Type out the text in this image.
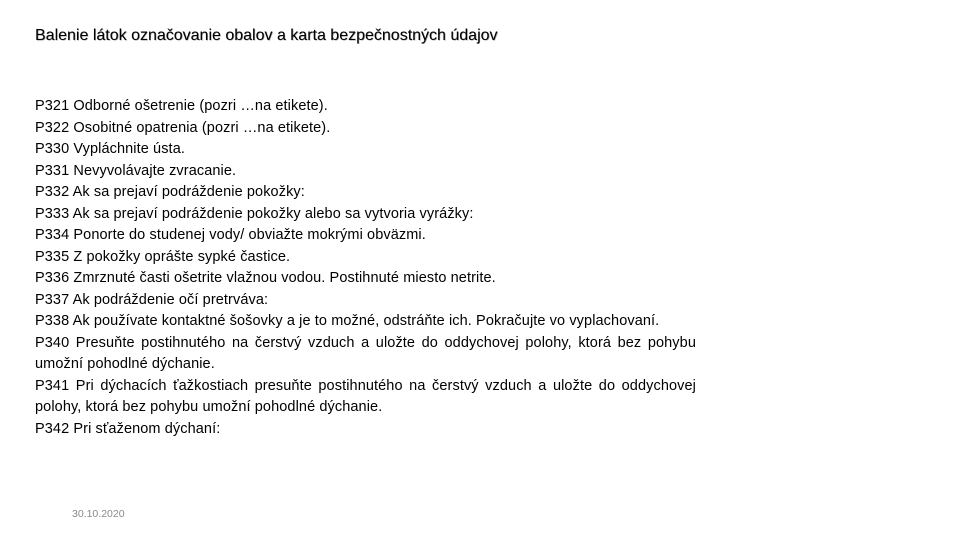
Balenie látok označovanie obalov a karta bezpečnostných údajov

P321 Odborné ošetrenie (pozri …na etikete).

P322 Osobitné opatrenia (pozri …na etikete).

P330 Vypláchnite ústa.

P331 Nevyvolávajte zvracanie.

P332 Ak sa prejaví podráždenie pokožky:

P333 Ak sa prejaví podráždenie pokožky alebo sa vytvoria vyrážky:

P334 Ponorte do studenej vody/ obviažte mokrými obväzmi.

P335 Z pokožky oprášte sypké častice.

P336 Zmrznuté časti ošetrite vlažnou vodou. Postihnuté miesto netrite.

P337 Ak podráždenie očí pretrváva:

P338 Ak používate kontaktné šošovky a je to možné, odstráňte ich. Pokračujte vo vyplachovaní.

P340 Presuňte postihnutého na čerstvý vzduch a uložte do oddychovej polohy, ktorá bez pohybu umožní pohodlné dýchanie.

P341 Pri dýchacích ťažkostiach presuňte postihnutého na čerstvý vzduch a uložte do oddychovej polohy, ktorá bez pohybu umožní pohodlné dýchanie.

P342 Pri sťaženom dýchaní:

30.10.2020
